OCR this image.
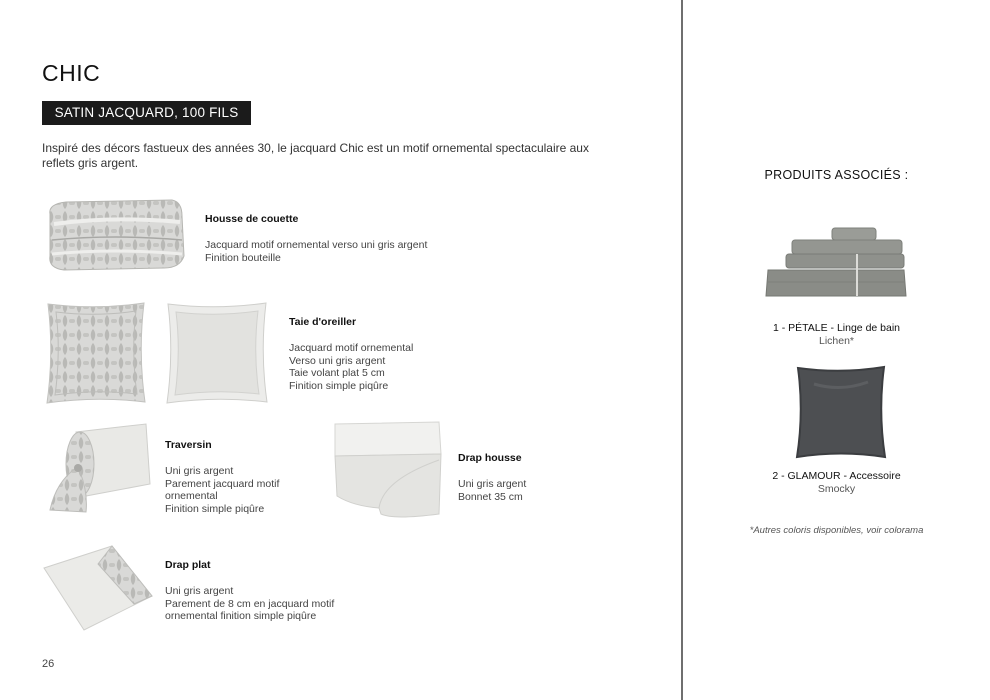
CHIC
SATIN JACQUARD, 100 FILS
Inspiré des décors fastueux des années 30, le jacquard Chic est un motif ornemental spectaculaire aux reflets gris argent.
Housse de couette
Jacquard motif ornemental verso uni gris argent
Finition bouteille
Taie d'oreiller
Jacquard motif ornemental
Verso uni gris argent
Taie volant plat 5 cm
Finition simple piqûre
Traversin
Uni gris argent
Parement jacquard motif
ornemental
Finition simple piqûre
Drap housse
Uni gris argent
Bonnet 35 cm
Drap plat
Uni gris argent
Parement de 8 cm en jacquard motif
ornemental finition simple piqûre
26
PRODUITS ASSOCIÉS :
1 - PÉTALE - Linge de bain
Lichen*
2 - GLAMOUR - Accessoire
Smocky
*Autres coloris disponibles, voir colorama
